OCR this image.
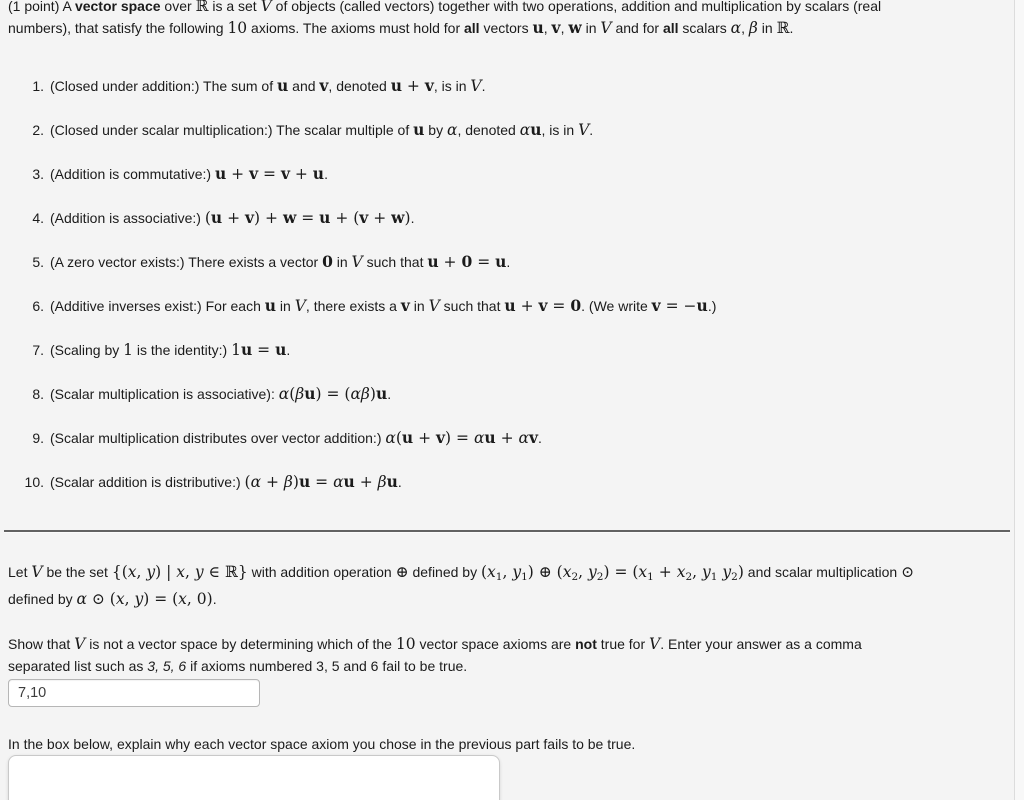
(1 point) A vector space over ℝ is a set V of objects (called vectors) together with two operations, addition and multiplication by scalars (real
numbers), that satisfy the following 10 axioms. The axioms must hold for all vectors u, v, w in V and for all scalars α, β in ℝ.
1. (Closed under addition:) The sum of u and v, denoted u + v, is in V.
2. (Closed under scalar multiplication:) The scalar multiple of u by α, denoted αu, is in V.
3. (Addition is commutative:) u + v = v + u.
4. (Addition is associative:) (u + v) + w = u + (v + w).
5. (A zero vector exists:) There exists a vector 0 in V such that u + 0 = u.
6. (Additive inverses exist:) For each u in V, there exists a v in V such that u + v = 0. (We write v = −u.)
7. (Scaling by 1 is the identity:) 1u = u.
8. (Scalar multiplication is associative): α(βu) = (αβ)u.
9. (Scalar multiplication distributes over vector addition:) α(u + v) = αu + αv.
10. (Scalar addition is distributive:) (α + β)u = αu + βu.
Let V be the set {(x, y) | x, y ∈ ℝ} with addition operation ⊕ defined by ($x_1$, $y_1$) ⊕ ($x_2$, $y_2) = (x_1 + x_2$, $y_1$ $y_2$) and scalar multiplication ⊙
defined by α ⊙ (x, y) = (x, 0).
Show that V is not a vector space by determining which of the 10 vector space axioms are not true for V. Enter your answer as a comma
separated list such as 3, 5, 6 if axioms numbered 3, 5 and 6 fail to be true.
7,10
In the box below, explain why each vector space axiom you chose in the previous part fails to be true.
